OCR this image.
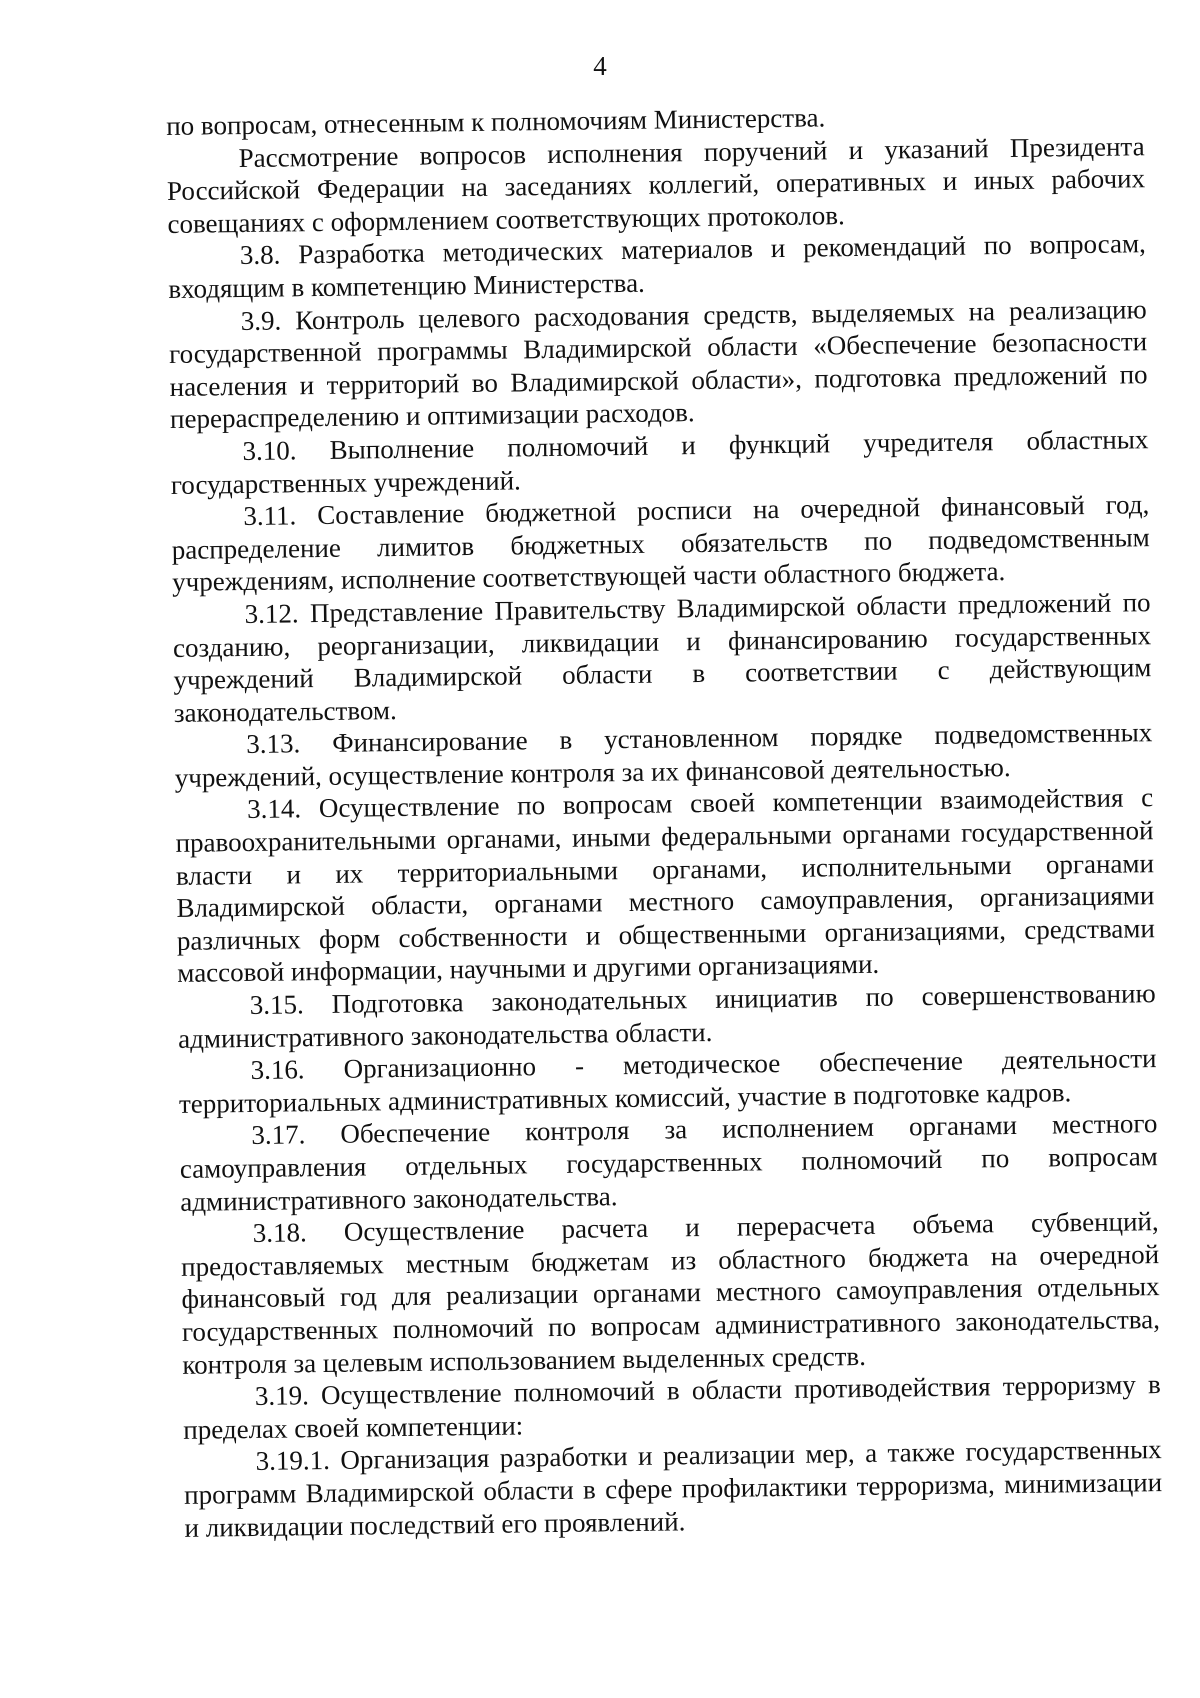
4

по вопросам, отнесенным к полномочиям Министерства.

Рассмотрение вопросов исполнения поручений и указаний Президента Российской Федерации на заседаниях коллегий, оперативных и иных рабочих совещаниях с оформлением соответствующих протоколов.

3.8. Разработка методических материалов и рекомендаций по вопросам, входящим в компетенцию Министерства.

3.9. Контроль целевого расходования средств, выделяемых на реализацию государственной программы Владимирской области «Обеспечение безопасности населения и территорий во Владимирской области», подготовка предложений по перераспределению и оптимизации расходов.

3.10. Выполнение полномочий и функций учредителя областных государственных учреждений.

3.11. Составление бюджетной росписи на очередной финансовый год, распределение лимитов бюджетных обязательств по подведомственным учреждениям, исполнение соответствующей части областного бюджета.

3.12. Представление Правительству Владимирской области предложений по созданию, реорганизации, ликвидации и финансированию государственных учреждений Владимирской области в соответствии с действующим законодательством.

3.13. Финансирование в установленном порядке подведомственных учреждений, осуществление контроля за их финансовой деятельностью.

3.14. Осуществление по вопросам своей компетенции взаимодействия с правоохранительными органами, иными федеральными органами государственной власти и их территориальными органами, исполнительными органами Владимирской области, органами местного самоуправления, организациями различных форм собственности и общественными организациями, средствами массовой информации, научными и другими организациями.

3.15. Подготовка законодательных инициатив по совершенствованию административного законодательства области.

3.16. Организационно - методическое обеспечение деятельности территориальных административных комиссий, участие в подготовке кадров.

3.17. Обеспечение контроля за исполнением органами местного самоуправления отдельных государственных полномочий по вопросам административного законодательства.

3.18. Осуществление расчета и перерасчета объема субвенций, предоставляемых местным бюджетам из областного бюджета на очередной финансовый год для реализации органами местного самоуправления отдельных государственных полномочий по вопросам административного законодательства, контроля за целевым использованием выделенных средств.

3.19. Осуществление полномочий в области противодействия терроризму в пределах своей компетенции:

3.19.1. Организация разработки и реализации мер, а также государственных программ Владимирской области в сфере профилактики терроризма, минимизации и ликвидации последствий его проявлений.
